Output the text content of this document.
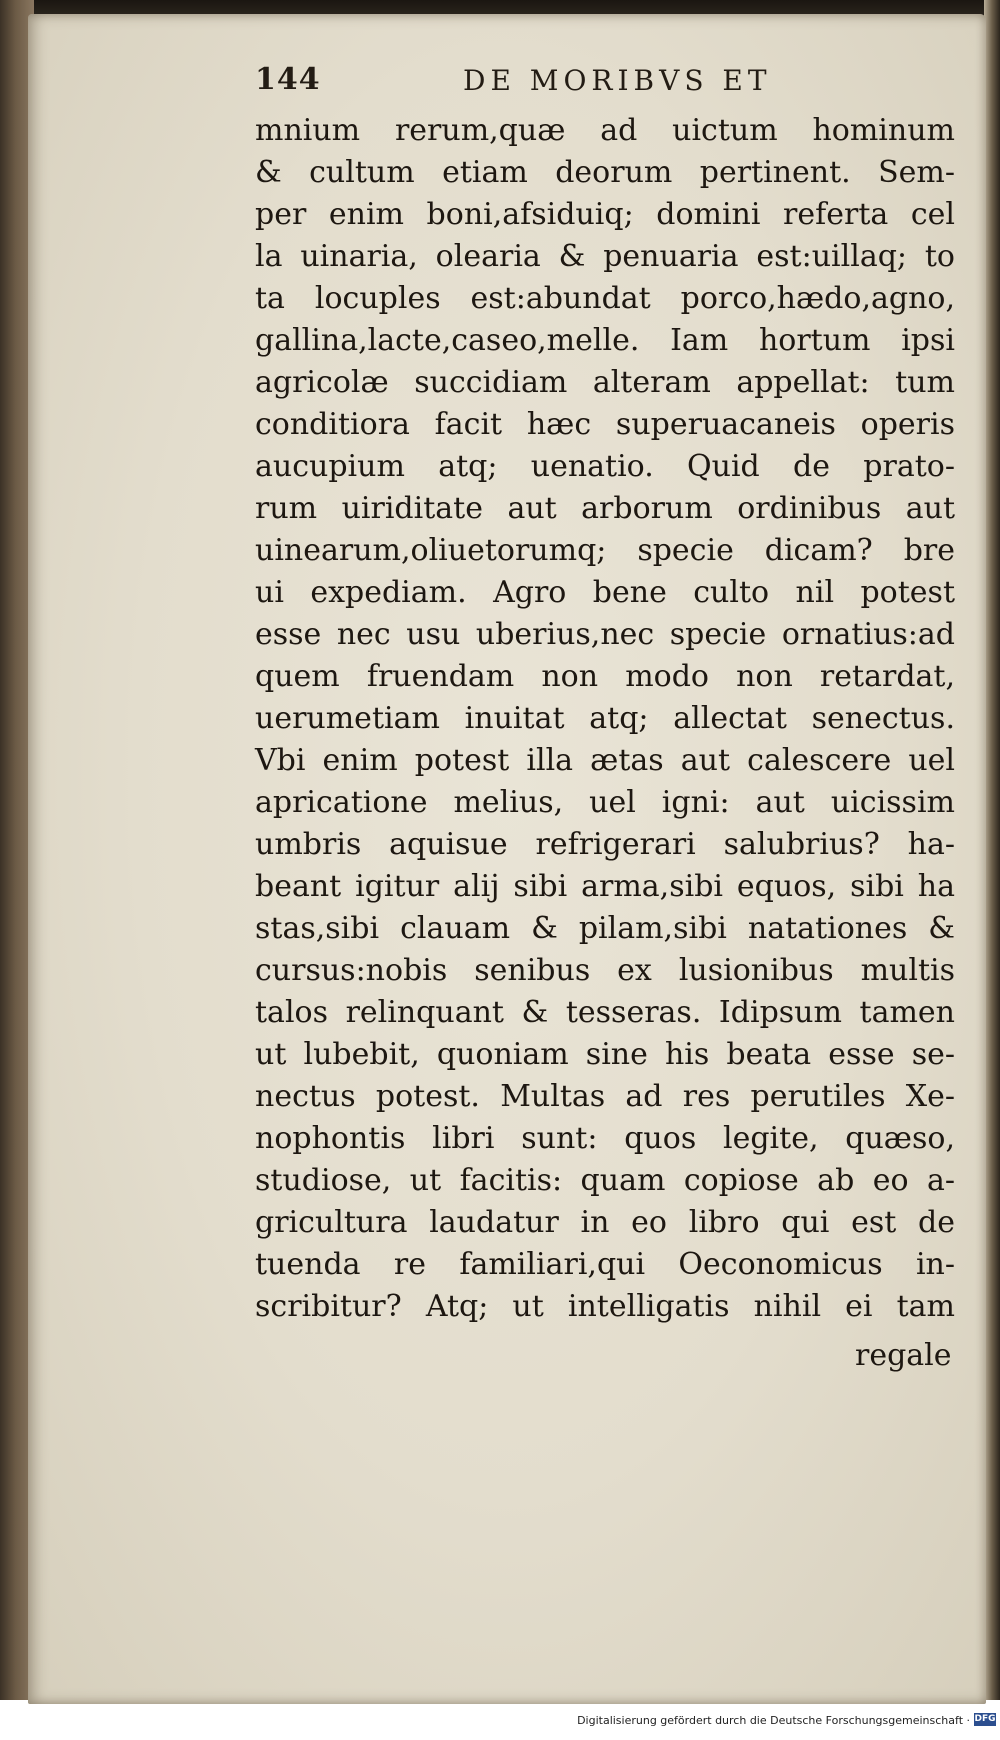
144	DE MORIBVS ET
mnium rerum,quæ ad uictum hominum
& cultum etiam deorum pertinent. Sem-
per enim boni,afsiduiq; domini referta cel
la uinaria, olearia & penuaria est:uillaq; to
ta locuples est:abundat porco,hædo,agno,
gallina,lacte,caseo,melle. Iam hortum ipsi
agricolæ succidiam alteram appellat: tum
conditiora facit hæc superuacaneis operis
aucupium atq; uenatio. Quid de prato-
rum uiriditate aut arborum ordinibus aut
uinearum,oliuetorumq; specie dicam? bre
ui expediam. Agro bene culto nil potest
esse nec usu uberius,nec specie ornatius:ad
quem fruendam non modo non retardat,
uerumetiam inuitat atq; allectat senectus.
Vbi enim potest illa ætas aut calescere uel
apricatione melius, uel igni: aut uicissim
umbris aquisue refrigerari salubrius? ha-
beant igitur alij sibi arma,sibi equos, sibi ha
stas,sibi clauam & pilam,sibi natationes &
cursus:nobis senibus ex lusionibus multis
talos relinquant & tesseras. Idipsum tamen
ut lubebit, quoniam sine his beata esse se-
nectus potest. Multas ad res perutiles Xe-
nophontis libri sunt: quos legite, quæso,
studiose, ut facitis: quam copiose ab eo a-
gricultura laudatur in eo libro qui est de
tuenda re familiari,qui Oeconomicus in-
scribitur? Atq; ut intelligatis nihil ei tam
regale
Digitalisierung gefördert durch die Deutsche Forschungsgemeinschaft · DFG
